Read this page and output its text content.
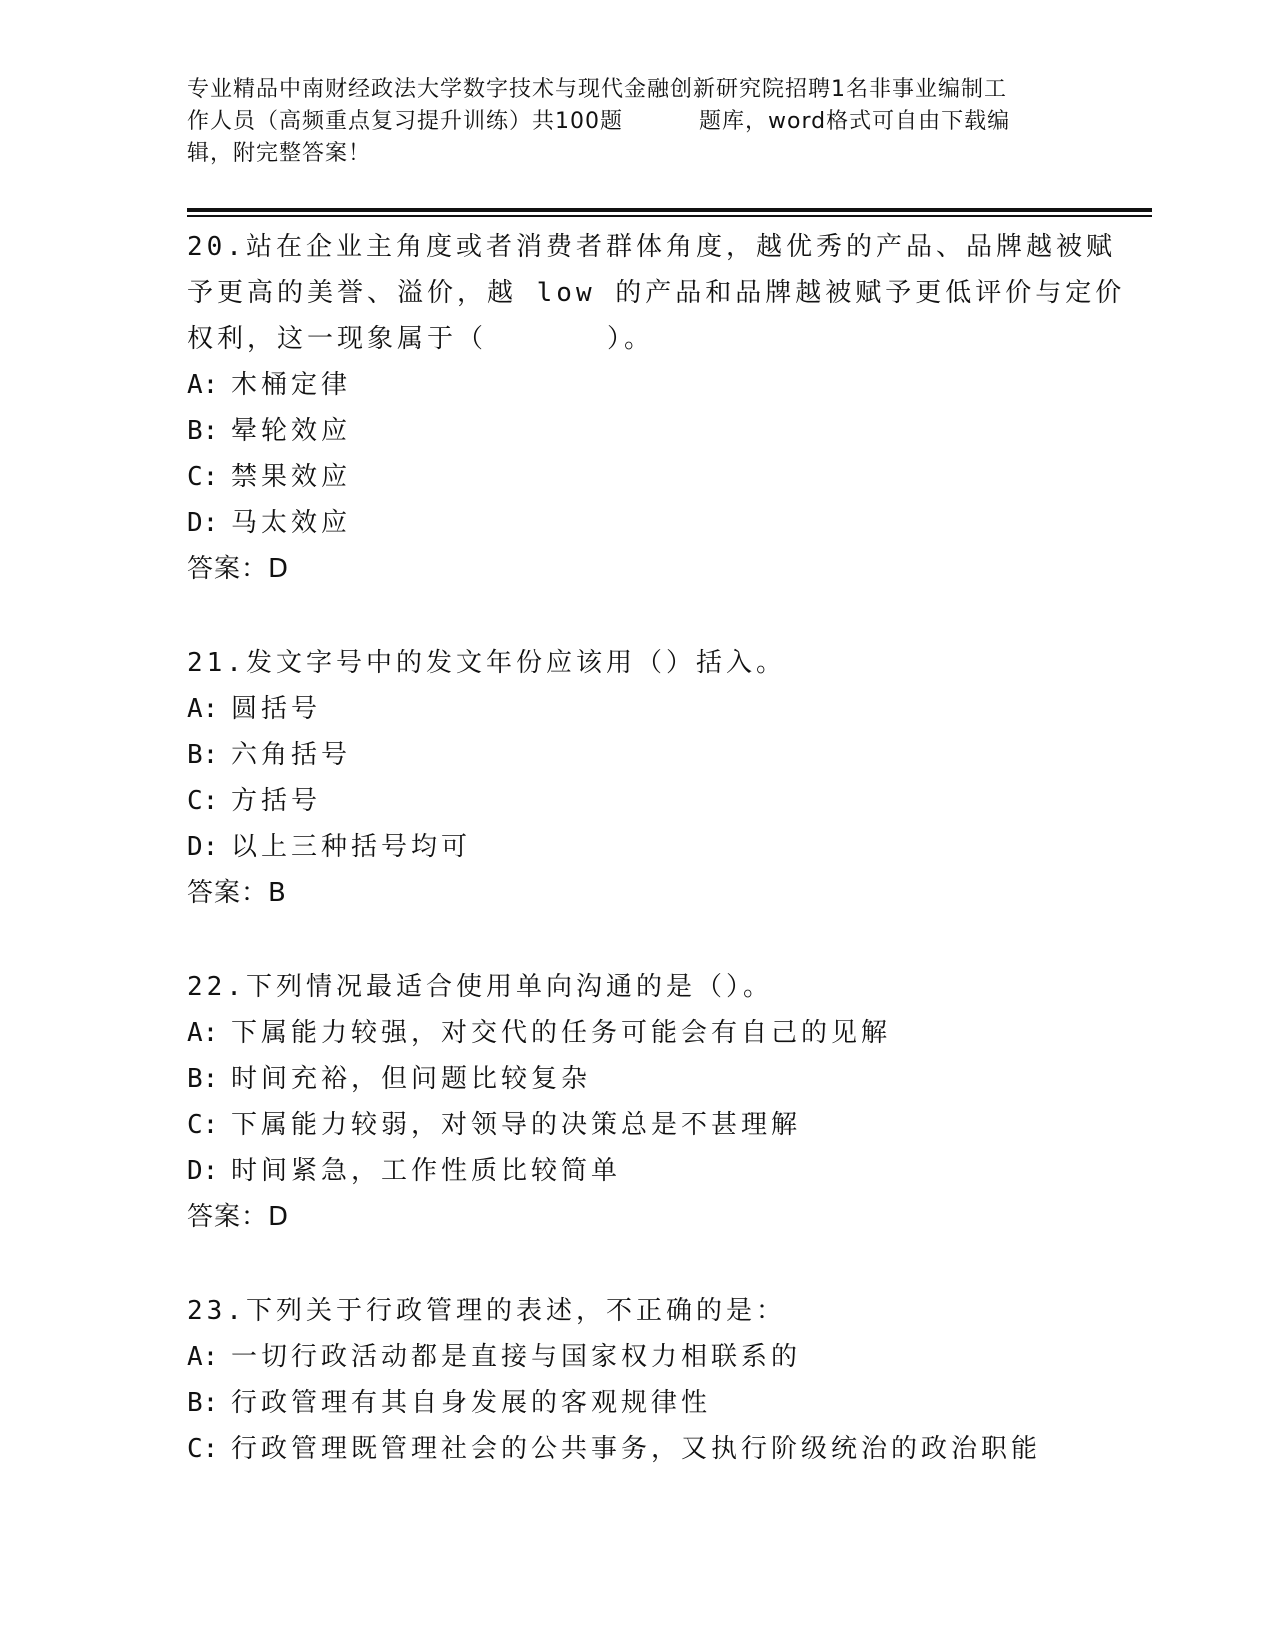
专业精品中南财经政法大学数字技术与现代金融创新研究院招聘1名非事业编制工
作人员（高频重点复习提升训练）共100题	题库，word格式可自由下载编
辑，附完整答案！
20.站在企业主角度或者消费者群体角度，越优秀的产品、品牌越被赋
予更高的美誉、溢价，越 low 的产品和品牌越被赋予更低评价与定价
权利，这一现象属于（	）。
A: 木桶定律
B: 晕轮效应
C: 禁果效应
D: 马太效应
答案：D
21.发文字号中的发文年份应该用（）括入。
A: 圆括号
B: 六角括号
C: 方括号
D: 以上三种括号均可
答案：B
22.下列情况最适合使用单向沟通的是（）。
A: 下属能力较强，对交代的任务可能会有自己的见解
B: 时间充裕，但问题比较复杂
C: 下属能力较弱，对领导的决策总是不甚理解
D: 时间紧急，工作性质比较简单
答案：D
23.下列关于行政管理的表述，不正确的是：
A: 一切行政活动都是直接与国家权力相联系的
B: 行政管理有其自身发展的客观规律性
C: 行政管理既管理社会的公共事务，又执行阶级统治的政治职能
